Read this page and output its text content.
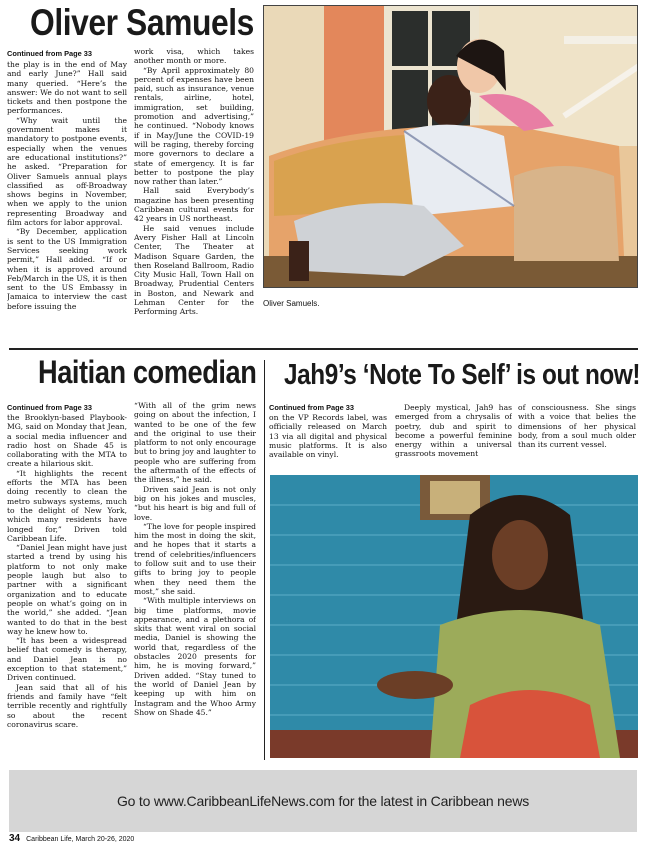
Oliver Samuels
Continued from Page 33

the play is in the end of May and early June?” Hall said many queried. “Here’s the answer: We do not want to sell tickets and then postpone the performances.

“Why wait until the government makes it mandatory to postpone events, especially when the venues are educational institutions?” he asked. “Preparation for Oliver Samuels annual plays classified as off-Broadway shows begins in November, when we apply to the union representing Broadway and film actors for labor approval.

“By December, application is sent to the US Immigration Services seeking work permit,” Hall added. “If or when it is approved around Feb/March in the US, it is then sent to the US Embassy in Jamaica to interview the cast before issuing the

work visa, which takes another month or more.

“By April approximately 80 percent of expenses have been paid, such as insurance, venue rentals, airline, hotel, immigration, set building, promotion and advertising,” he continued. “Nobody knows if in May/June the COVID-19 will be raging, thereby forcing more governors to declare a state of emergency. It is far better to postpone the play now rather than later.”

Hall said Everybody’s magazine has been presenting Caribbean cultural events for 42 years in US northeast.

He said venues include Avery Fisher Hall at Lincoln Center, The Theater at Madison Square Garden, the then Roseland Ballroom, Radio City Music Hall, Town Hall on Broadway, Prudential Centers in Boston, and Newark and Lehman Center for the Performing Arts.

Oliver Samuels.
Haitian comedian
Continued from Page 33

the Brooklyn-based Playbook-MG, said on Monday that Jean, a social media influencer and radio host on Shade 45 is collaborating with the MTA to create a hilarious skit.

“It highlights the recent efforts the MTA has been doing recently to clean the metro subways systems, much to the delight of New York, which many residents have longed for,” Driven told Caribbean Life.

“Daniel Jean might have just started a trend by using his platform to not only make people laugh but also to partner with a significant organization and to educate people on what’s going on in the world,” she added. “Jean wanted to do that in the best way he knew how to.

“It has been a widespread belief that comedy is therapy, and Daniel Jean is no exception to that statement,” Driven continued.

Jean said that all of his friends and family have “felt terrible recently and rightfully so about the recent coronavirus scare.

“With all of the grim news going on about the infection, I wanted to be one of the few and the original to use their platform to not only encourage but to bring joy and laughter to people who are suffering from the aftermath of the effects of the illness,” he said.

Driven said Jean is not only big on his jokes and muscles, “but his heart is big and full of love.

“The love for people inspired him the most in doing the skit, and he hopes that it starts a trend of celebrities/influencers to follow suit and to use their gifts to bring joy to people when they need them the most,” she said.

“With multiple interviews on big time platforms, movie appearance, and a plethora of skits that went viral on social media, Daniel is showing the world that, regardless of the obstacles 2020 presents for him, he is moving forward,” Driven added. “Stay tuned to the world of Daniel Jean by keeping up with him on Instagram and the Whoo Army Show on Shade 45.”

Jah9’s ‘Note To Self’ is out now!
Continued from Page 33

on the VP Records label, was officially released on March 13 via all digital and physical music platforms. It is also available on vinyl.

Deeply mystical, Jah9 has emerged from a chrysalis of poetry, dub and spirit to become a powerful feminine energy within a universal grassroots movement

of consciousness. She sings with a voice that belies the dimensions of her physical body, from a soul much older than its current vessel.

Go to www.CaribbeanLifeNews.com for the latest in Caribbean news
34 Caribbean Life, March 20-26, 2020
